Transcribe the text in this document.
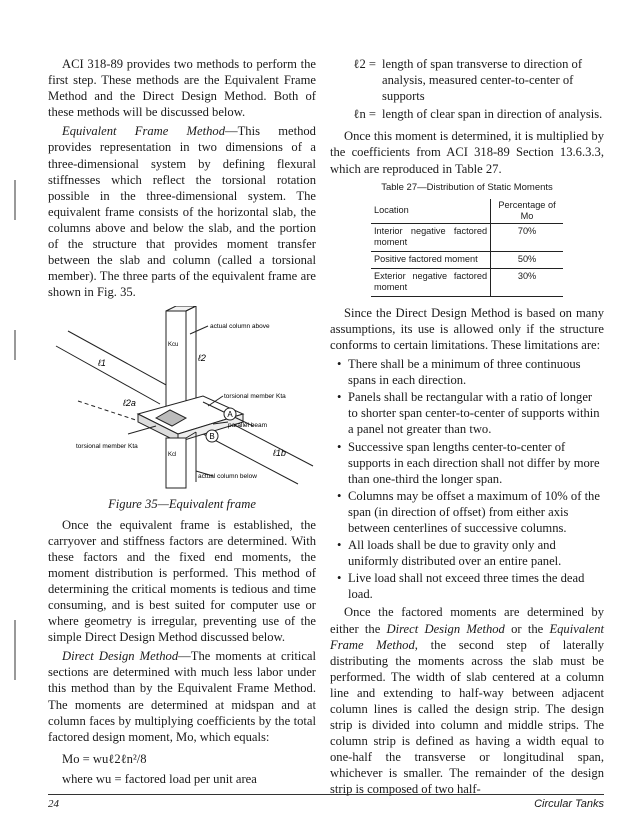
ACI 318-89 provides two methods to perform the first step. These methods are the Equivalent Frame Method and the Direct Design Method. Both of these methods will be discussed below.

Equivalent Frame Method—This method provides representation in two dimensions of a three-dimensional system by defining flexural stiffnesses which reflect the torsional rotation possible in the three-dimensional system. The equivalent frame consists of the horizontal slab, the columns above and below the slab, and the portion of the structure that provides moment transfer between the slab and column (called a torsional member). The three parts of the equivalent frame are shown in Fig. 35.

A
B
actual column above
torsional member Kta
parallel beam
torsional member Kta
actual column below
Kcu
Kcl
ℓ1	ℓ2
ℓ2a
ℓ1b

Figure 35—Equivalent frame

Once the equivalent frame is established, the carryover and stiffness factors are determined. With these factors and the fixed end moments, the moment distribution is performed. This method of determining the critical moments is tedious and time consuming, and is best suited for computer use or where geometry is irregular, preventing use of the simple Direct Design Method discussed below.

Direct Design Method—The moments at critical sections are determined with much less labor under this method than by the Equivalent Frame Method. The moments are determined at midspan and at column faces by multiplying coefficients by the total factored design moment, Mo, which equals:

Mo = wuℓ2ℓn²/8

where wu = factored load per unit area

ℓ2 = length of span transverse to direction of analysis, measured center-to-center of supports
ℓn = length of clear span in direction of analysis.

Once this moment is determined, it is multiplied by the coefficients from ACI 318-89 Section 13.6.3.3, which are reproduced in Table 27.

Table 27—Distribution of Static Moments

Location	Percentage of Mo
Interior negative factored moment	70%
Positive factored moment	50%
Exterior negative factored moment	30%

Since the Direct Design Method is based on many assumptions, its use is allowed only if the structure conforms to certain limitations. These limitations are:

• There shall be a minimum of three continuous spans in each direction.
• Panels shall be rectangular with a ratio of longer to shorter span center-to-center of supports within a panel not greater than two.
• Successive span lengths center-to-center of supports in each direction shall not differ by more than one-third the longer span.
• Columns may be offset a maximum of 10% of the span (in direction of offset) from either axis between centerlines of successive columns.
• All loads shall be due to gravity only and uniformly distributed over an entire panel.
• Live load shall not exceed three times the dead load.

Once the factored moments are determined by either the Direct Design Method or the Equivalent Frame Method, the second step of laterally distributing the moments across the slab must be performed. The width of slab centered at a column line and extending to half-way between adjacent column lines is called the design strip. The design strip is divided into column and middle strips. The column strip is defined as having a width equal to one-half the transverse or longitudinal span, whichever is smaller. The remainder of the design strip is composed of two half-

24	Circular Tanks
